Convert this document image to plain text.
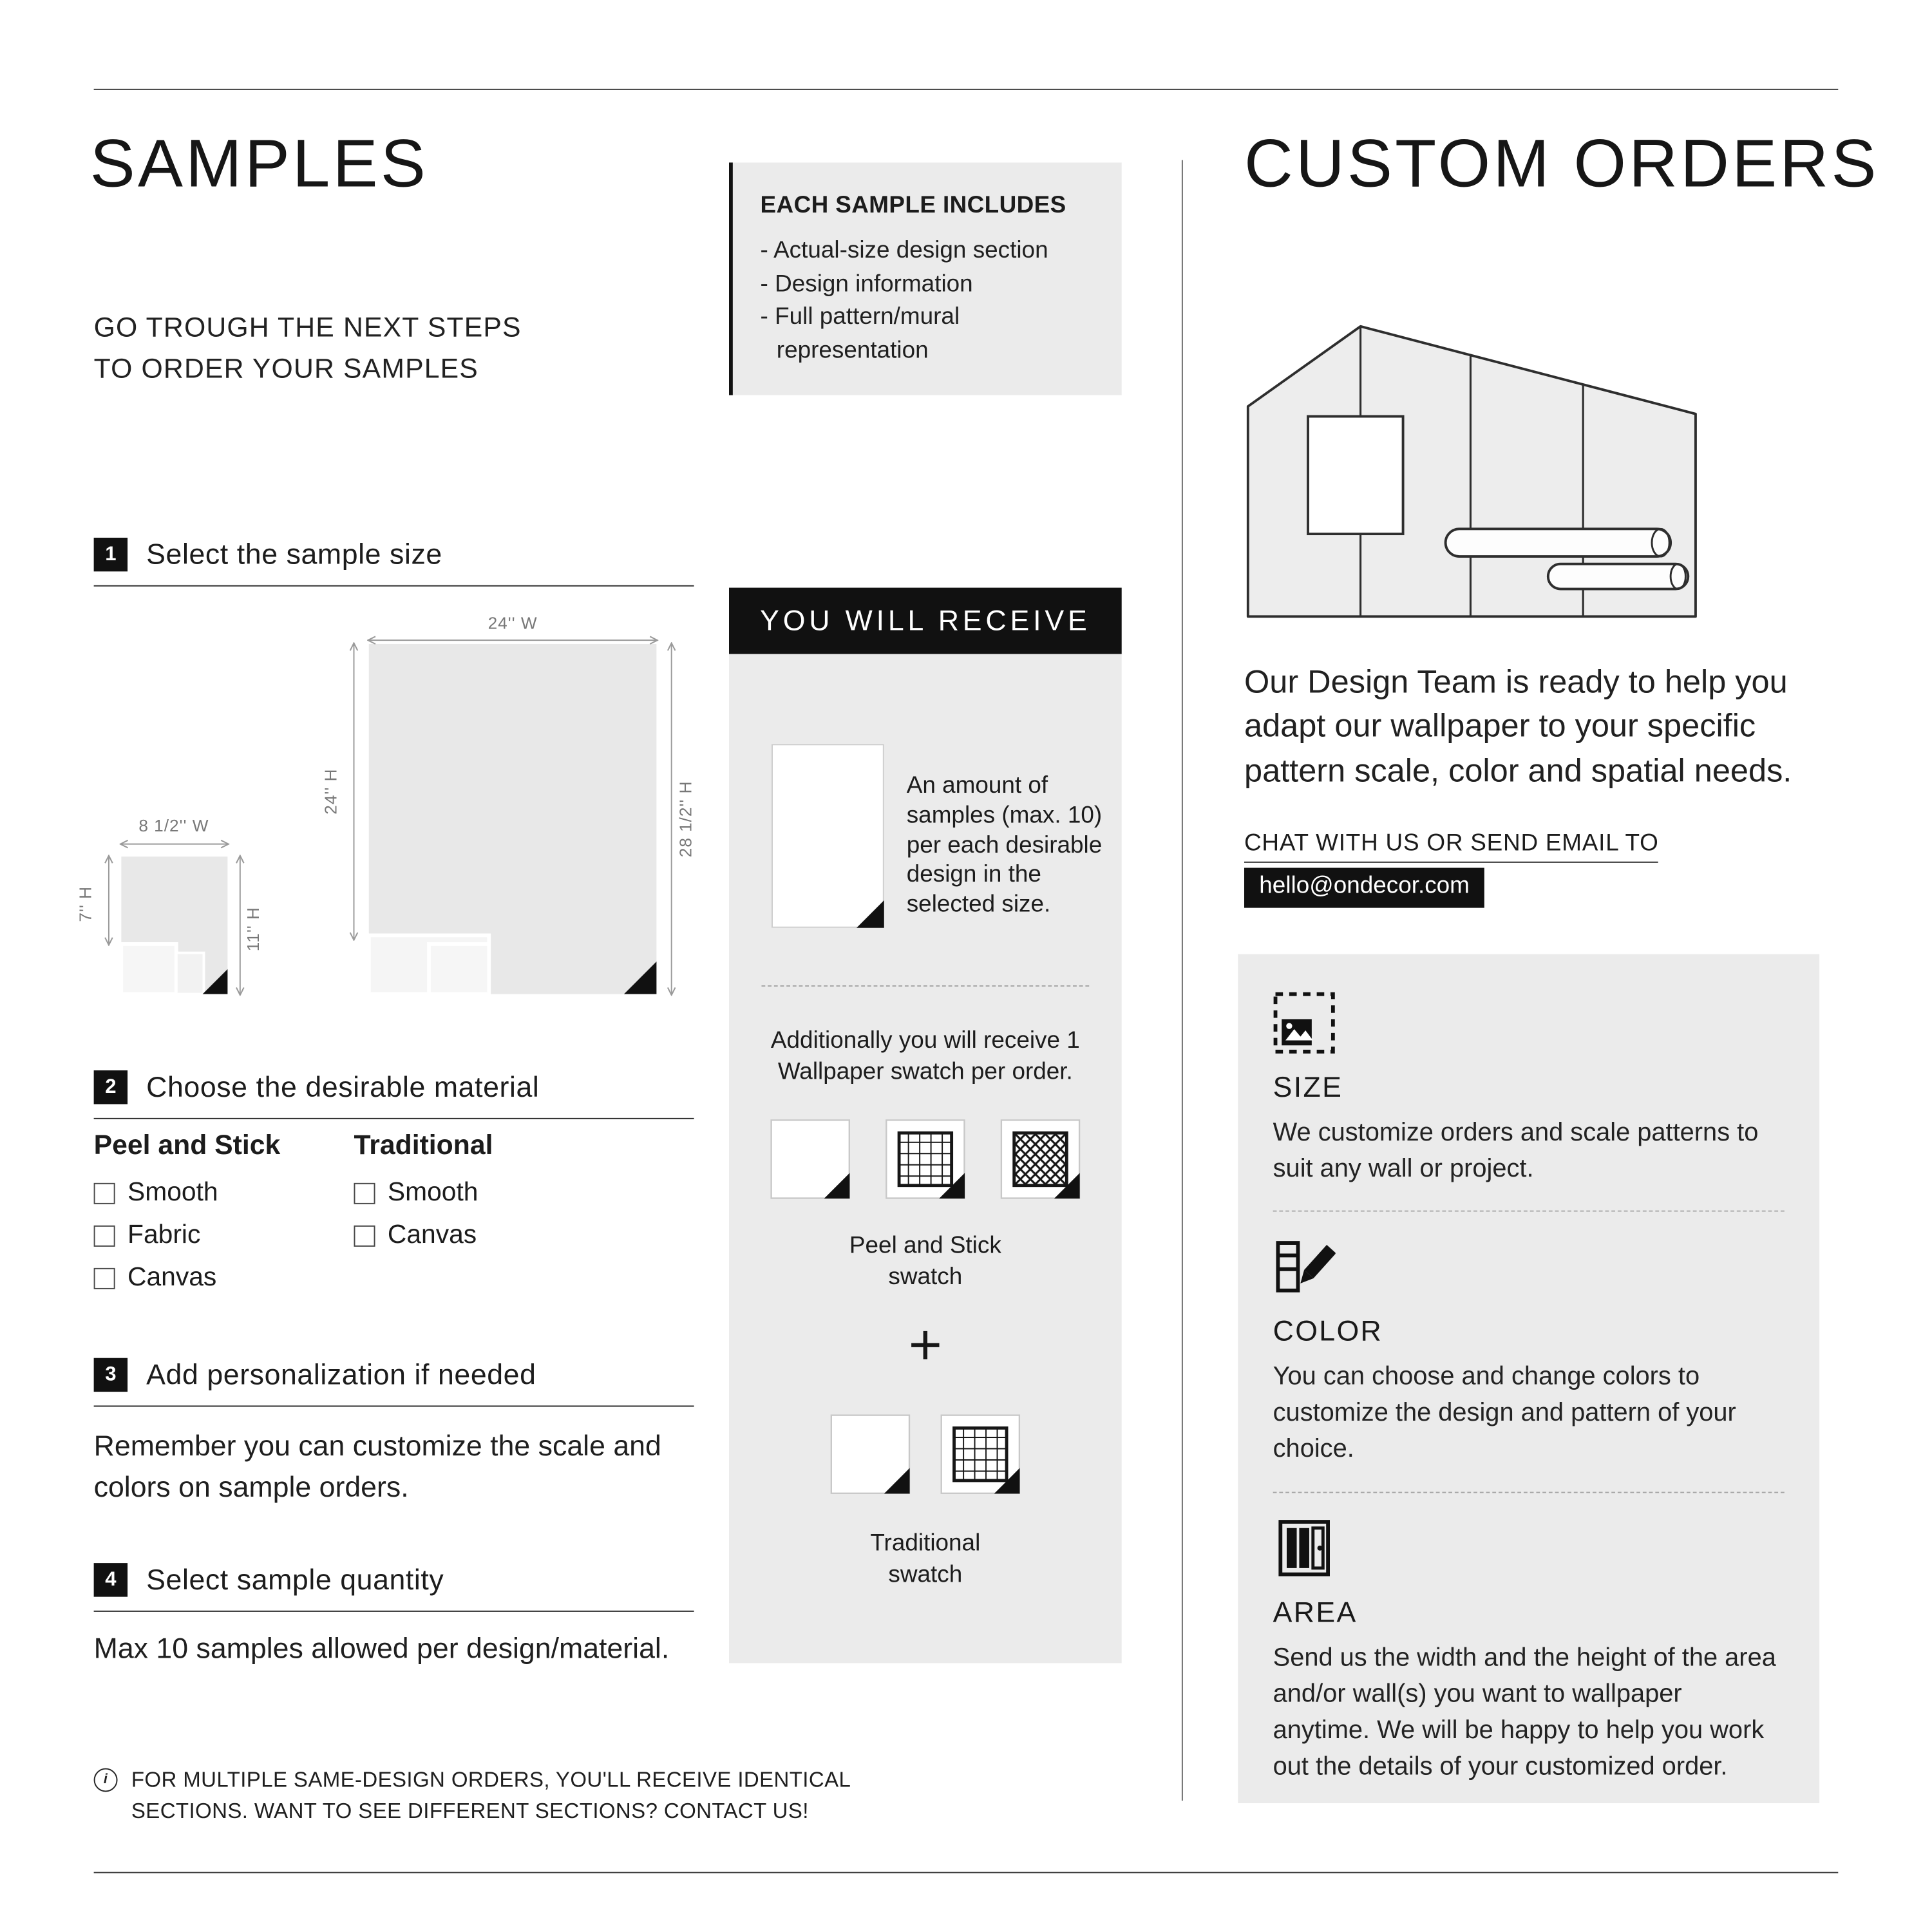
SAMPLES
GO TROUGH THE NEXT STEPS
TO ORDER YOUR SAMPLES
1	Select the sample size
24'' W
24'' H	28 1/2'' H
8 1/2'' W
7'' H
11'' H
2	Choose the desirable material
Peel and Stick
Smooth
Fabric
Canvas
Traditional
Smooth
Canvas
3	Add personalization if needed
Remember you can customize the scale and colors on sample orders.
4	Select sample quantity
Max 10 samples allowed per design/material.
i	FOR MULTIPLE SAME-DESIGN ORDERS, YOU'LL RECEIVE IDENTICAL SECTIONS. WANT TO SEE DIFFERENT SECTIONS? CONTACT US!
EACH SAMPLE INCLUDES
- Actual-size design section
- Design information
- Full pattern/mural representation
YOU WILL RECEIVE
An amount of samples (max. 10) per each desirable design in the selected size.
Additionally you will receive 1 Wallpaper swatch per order.
Peel and Stick swatch
+
Traditional swatch
CUSTOM ORDERS
Our Design Team is ready to help you adapt our wallpaper to your specific pattern scale, color and spatial needs.
CHAT WITH US OR SEND EMAIL TO
hello@ondecor.com
SIZE
We customize orders and scale patterns to suit any wall or project.
COLOR
You can choose and change colors to customize the design and pattern of your choice.
AREA
Send us the width and the height of the area and/or wall(s) you want to wallpaper anytime. We will be happy to help you work out the details of your customized order.
